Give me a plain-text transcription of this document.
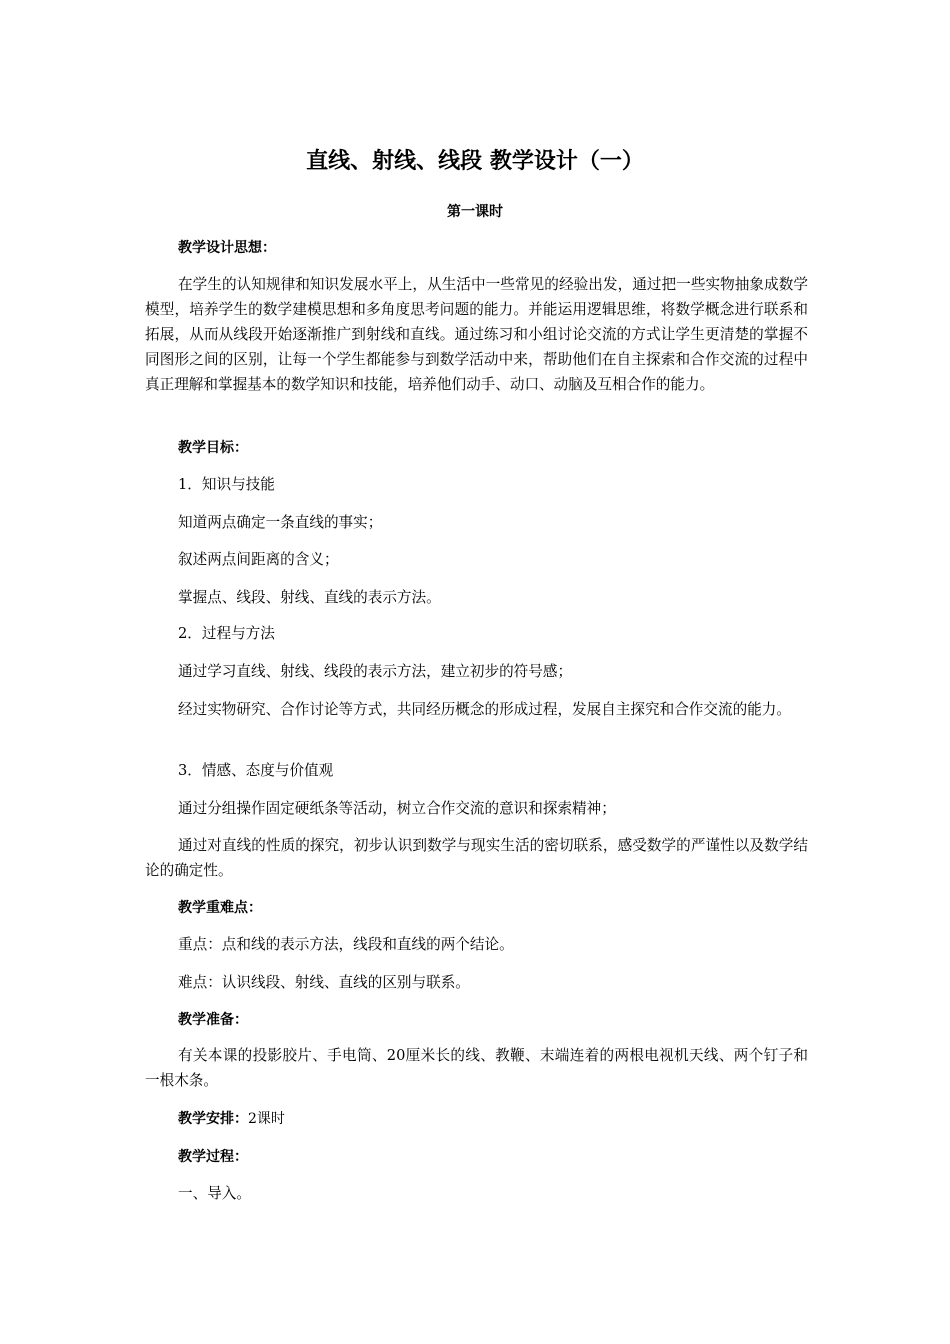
直线、射线、线段 教学设计（一）
第一课时
教学设计思想：
在学生的认知规律和知识发展水平上，从生活中一些常见的经验出发，通过把一些实物抽象成数学模型，培养学生的数学建模思想和多角度思考问题的能力。并能运用逻辑思维，将数学概念进行联系和拓展，从而从线段开始逐渐推广到射线和直线。通过练习和小组讨论交流的方式让学生更清楚的掌握不同图形之间的区别，让每一个学生都能参与到数学活动中来，帮助他们在自主探索和合作交流的过程中真正理解和掌握基本的数学知识和技能，培养他们动手、动口、动脑及互相合作的能力。
教学目标：
1．知识与技能
知道两点确定一条直线的事实；
叙述两点间距离的含义；
掌握点、线段、射线、直线的表示方法。
2．过程与方法
通过学习直线、射线、线段的表示方法，建立初步的符号感；
经过实物研究、合作讨论等方式，共同经历概念的形成过程，发展自主探究和合作交流的能力。
3．情感、态度与价值观
通过分组操作固定硬纸条等活动，树立合作交流的意识和探索精神；
通过对直线的性质的探究，初步认识到数学与现实生活的密切联系，感受数学的严谨性以及数学结论的确定性。
教学重难点：
重点：点和线的表示方法，线段和直线的两个结论。
难点：认识线段、射线、直线的区别与联系。
教学准备：
有关本课的投影胶片、手电筒、20厘米长的线、教鞭、末端连着的两根电视机天线、两个钉子和一根木条。
教学安排：2课时
教学过程：
一、导入。
